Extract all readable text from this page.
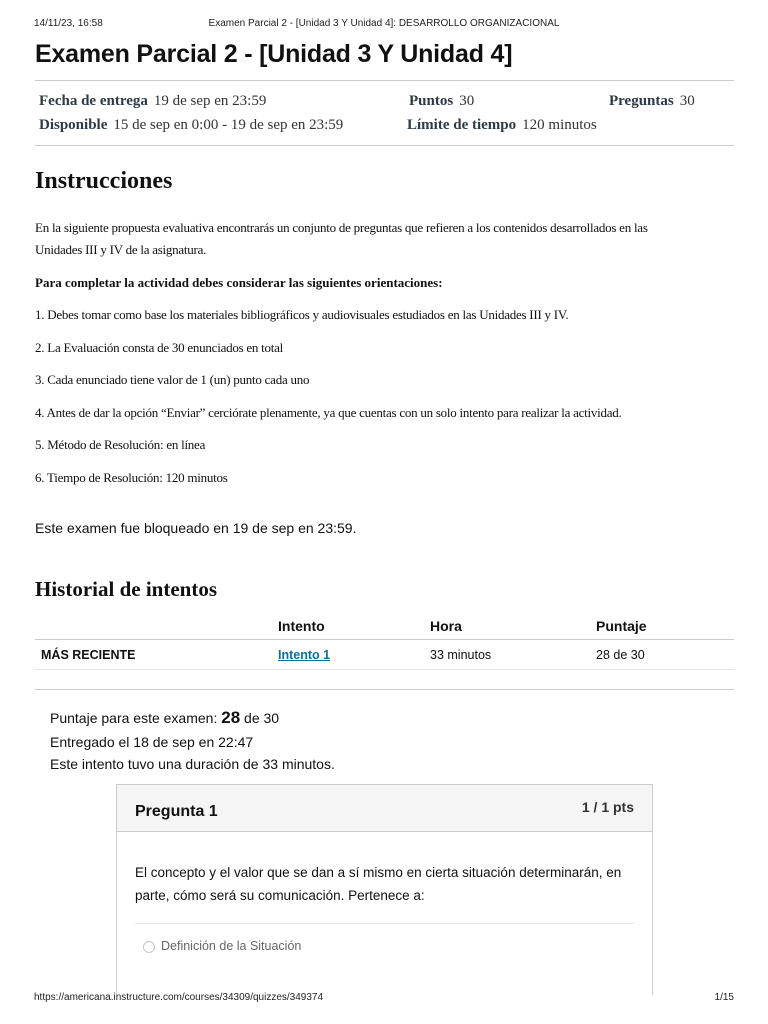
14/11/23, 16:58	Examen Parcial 2 - [Unidad 3 Y Unidad 4]: DESARROLLO ORGANIZACIONAL
Examen Parcial 2 - [Unidad 3 Y Unidad 4]
Fecha de entrega 19 de sep en 23:59	Puntos 30	Preguntas 30
Disponible 15 de sep en 0:00 - 19 de sep en 23:59	Límite de tiempo 120 minutos
Instrucciones

En la siguiente propuesta evaluativa encontrarás un conjunto de preguntas que refieren a los contenidos desarrollados en las Unidades III y IV de la asignatura.

Para completar la actividad debes considerar las siguientes orientaciones:

1. Debes tomar como base los materiales bibliográficos y audiovisuales estudiados en las Unidades III y IV.

2. La Evaluación consta de 30 enunciados en total

3. Cada enunciado tiene valor de 1 (un) punto cada uno

4. Antes de dar la opción “Enviar” cerciórate plenamente, ya que cuentas con un solo intento para realizar la actividad.

5. Método de Resolución: en línea

6. Tiempo de Resolución: 120 minutos

Este examen fue bloqueado en 19 de sep en 23:59.
Historial de intentos
Intento	Hora	Puntaje
MÁS RECIENTE	Intento 1	33 minutos	28 de 30
Puntaje para este examen: 28 de 30
Entregado el 18 de sep en 22:47
Este intento tuvo una duración de 33 minutos.
Pregunta 1	1 / 1 pts
El concepto y el valor que se dan a sí mismo en cierta situación determinarán, en parte, cómo será su comunicación. Pertenece a:
Definición de la Situación
https://americana.instructure.com/courses/34309/quizzes/349374	1/15
